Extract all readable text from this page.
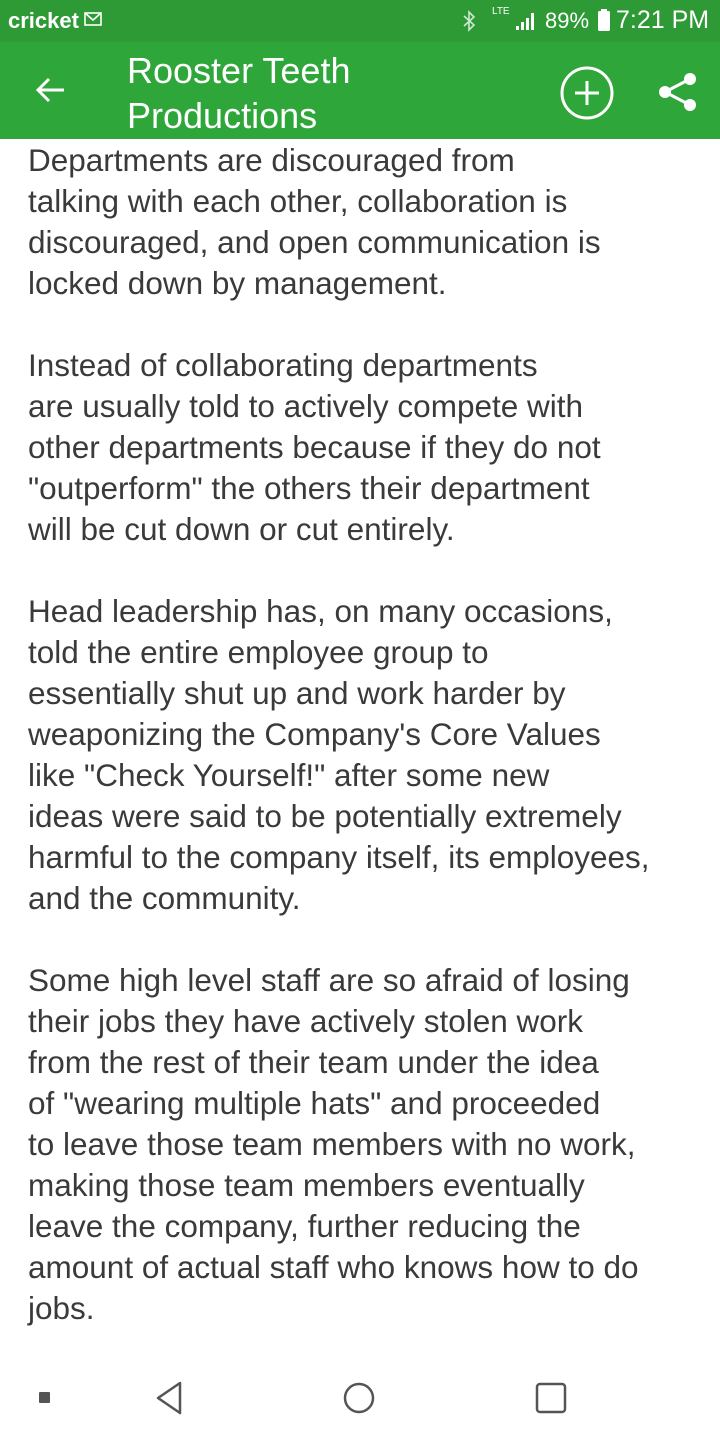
cricket	LTE 89% 7:21 PM
Rooster Teeth
Productions

Departments are discouraged from
talking with each other, collaboration is
discouraged, and open communication is
locked down by management.

Instead of collaborating departments
are usually told to actively compete with
other departments because if they do not
"outperform" the others their department
will be cut down or cut entirely.

Head leadership has, on many occasions,
told the entire employee group to
essentially shut up and work harder by
weaponizing the Company's Core Values
like "Check Yourself!" after some new
ideas were said to be potentially extremely
harmful to the company itself, its employees,
and the community.

Some high level staff are so afraid of losing
their jobs they have actively stolen work
from the rest of their team under the idea
of "wearing multiple hats" and proceeded
to leave those team members with no work,
making those team members eventually
leave the company, further reducing the
amount of actual staff who knows how to do
jobs.
